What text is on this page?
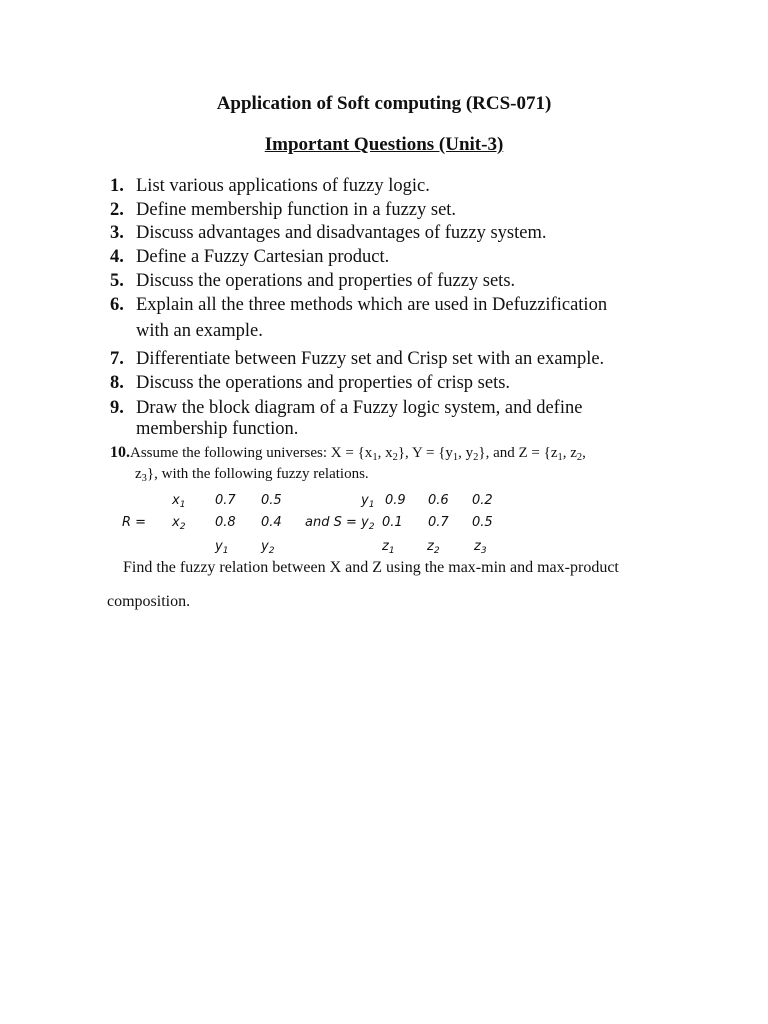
Application of Soft computing (RCS-071)
Important Questions (Unit-3)
1. List various applications of fuzzy logic.
2. Define membership function in a fuzzy set.
3. Discuss advantages and disadvantages of fuzzy system.
4. Define a Fuzzy Cartesian product.
5. Discuss the operations and properties of fuzzy sets.
6. Explain all the three methods which are used in Defuzzification
with an example.
7. Differentiate between Fuzzy set and Crisp set with an example.
8. Discuss the operations and properties of crisp sets.
9. Draw the block diagram of a Fuzzy logic system, and define
membership function.
10.Assume the following universes: $X = \{x_1$, $x_2$}, $Y = \{y_1$, $y_2$}, and $Z = \{z_1$, $z_2$,
$z_3$}, with the following fuzzy relations.
R =
$x_1$ 0.7 0.5
$x_2$ 0.8 0.4
$y_1$	$y_2$
and S =
$y_1$ 0.9 0.6 0.2
$y_2$ 0.1 0.7 0.5
$z_1$ $z_2$	$z_3$
Find the fuzzy relation between X and Z using the max-min and max-product
composition.
